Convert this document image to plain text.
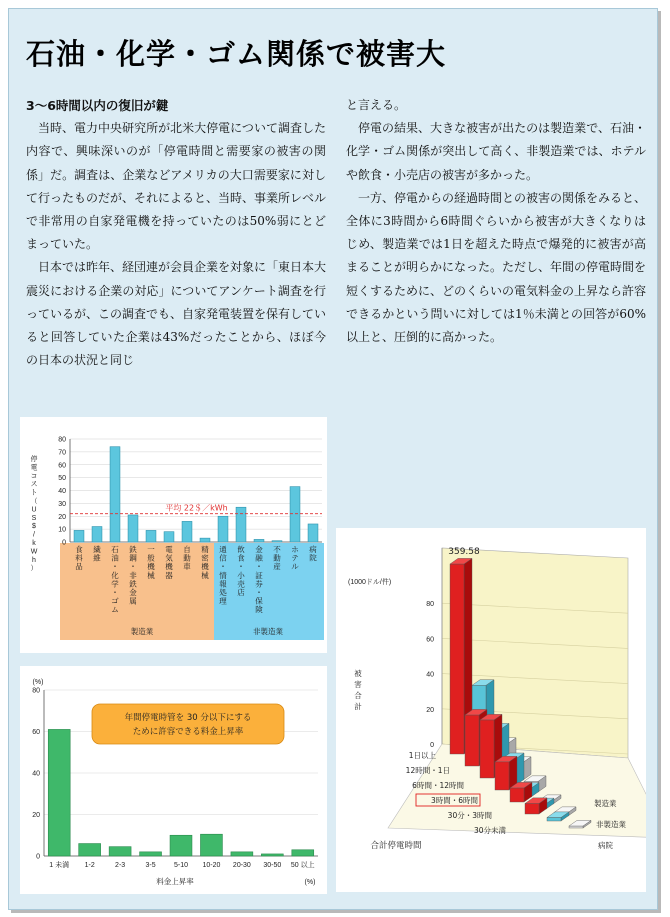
石油・化学・ゴム関係で被害大

3～6時間以内の復旧が鍵

当時、電力中央研究所が北米大停電について調査した内容で、興味深いのが「停電時間と需要家の被害の関係」だ。調査は、企業などアメリカの大口需要家に対して行ったものだが、それによると、当時、事業所レベルで非常用の自家発電機を持っていたのは50%弱にとどまっていた。

日本では昨年、経団連が会員企業を対象に「東日本大震災における企業の対応」についてアンケート調査を行っているが、この調査でも、自家発電装置を保有していると回答していた企業は43%だったことから、ほぼ今の日本の状況と同じ

と言える。

停電の結果、大きな被害が出たのは製造業で、石油・化学・ゴム関係が突出して高く、非製造業では、ホテルや飲食・小売店の被害が多かった。

一方、停電からの経過時間との被害の関係をみると、全体に3時間から6時間ぐらいから被害が大きくなりはじめ、製造業では1日を超えた時点で爆発的に被害が高まることが明らかになった。ただし、年間の停電時間を短くするために、どのくらいの電気料金の上昇なら許容できるかという問いに対しては1％未満との回答が60%以上と、圧倒的に高かった。

製造業	非製造業
0
10
20
30
40
50
60
70
80
停電コスト（ U S $ / k W h ）
平均 22＄／kWh
食料品
繊維
石油・化学・ゴム
鉄鋼・非鉄金属
一般機械
電気機器
自動車
精密機械
通信・情報処理
飲食・小売店
金融・証券・保険
不動産
ホテル
病院
0
20
40
60
80
(%)
1 未満 1-2	2-3	3-5	5-10 10-20 20-30 30-50 50 以上
料金上昇率	(%)
年間停電時管を 30 分以下にする
ために許容できる料金上昇率
0
20
40
60
80
(1000ドル/件)
被害合計
359.58
1日以上
12時間・1日
6時間・12時間
3時間・6時間
30分・3時間
30分未満
合計停電時間
製造業
非製造業
病院
